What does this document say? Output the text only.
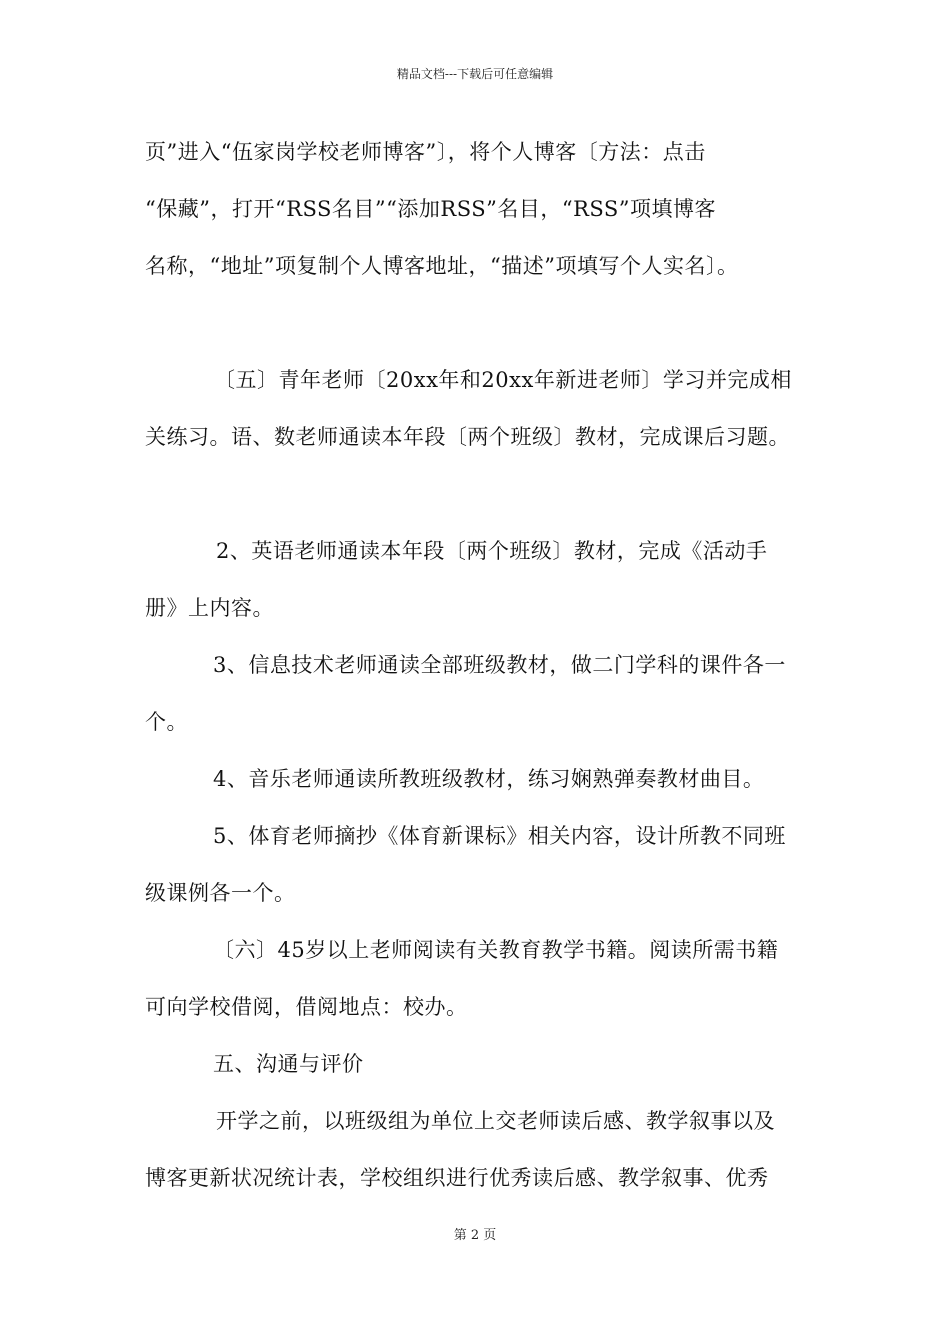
精品文档---下载后可任意编辑
页”进入“伍家岗学校老师博客”〕，将个人博客〔方法：点击
“保藏”，打开“RSS名目”“添加RSS”名目，“RSS”项填博客
名称，“地址”项复制个人博客地址，“描述”项填写个人实名〕。
〔五〕青年老师〔20xx年和20xx年新进老师〕学习并完成相
关练习。语、数老师通读本年段〔两个班级〕教材，完成课后习题。
2、英语老师通读本年段〔两个班级〕教材，完成《活动手
册》上内容。
3、信息技术老师通读全部班级教材，做二门学科的课件各一
个。
4、音乐老师通读所教班级教材，练习娴熟弹奏教材曲目。
5、体育老师摘抄《体育新课标》相关内容，设计所教不同班
级课例各一个。
〔六〕45岁以上老师阅读有关教育教学书籍。阅读所需书籍
可向学校借阅，借阅地点：校办。
五、沟通与评价
开学之前，以班级组为单位上交老师读后感、教学叙事以及
博客更新状况统计表，学校组织进行优秀读后感、教学叙事、优秀
第 2 页
